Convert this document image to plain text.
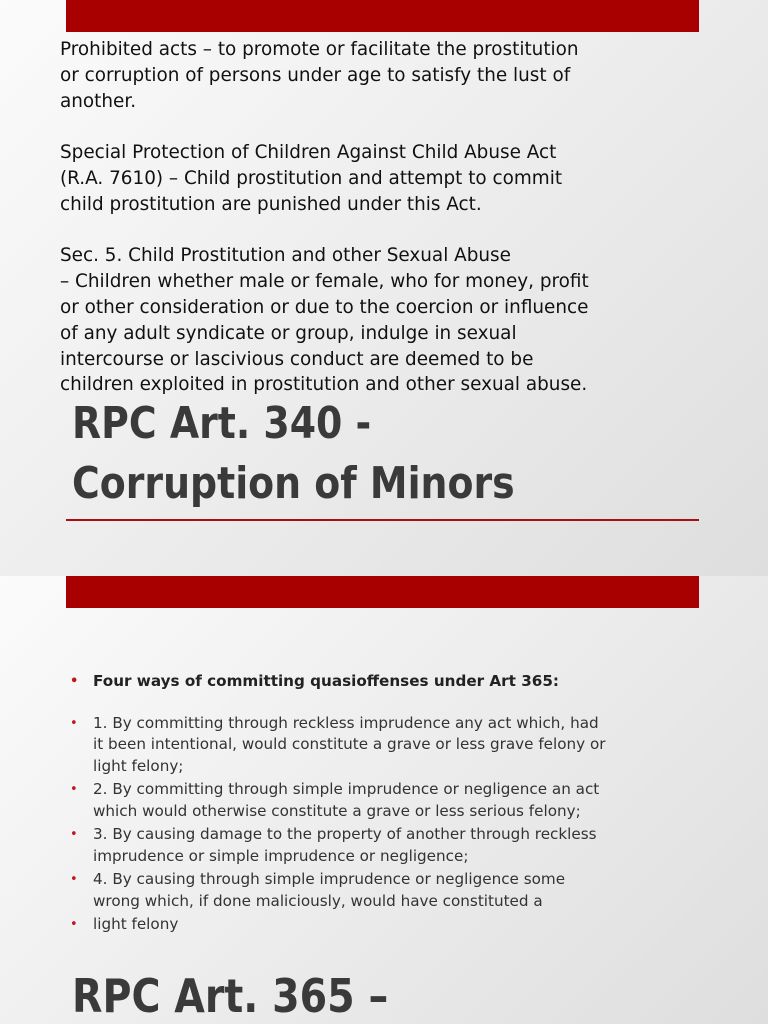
Prohibited acts – to promote or facilitate the prostitution
or corruption of persons under age to satisfy the lust of
another.

Special Protection of Children Against Child Abuse Act
(R.A. 7610) – Child prostitution and attempt to commit
child prostitution are punished under this Act.

Sec. 5. Child Prostitution and other Sexual Abuse
– Children whether male or female, who for money, profit
or other consideration or due to the coercion or influence
of any adult syndicate or group, indulge in sexual
intercourse or lascivious conduct are deemed to be
children exploited in prostitution and other sexual abuse.

RPC Art. 340 -
Corruption of Minors
• Four ways of committing quasioffenses under Art 365:
• 1. By committing through reckless imprudence any act which, had
it been intentional, would constitute a grave or less grave felony or
light felony;
• 2. By committing through simple imprudence or negligence an act
which would otherwise constitute a grave or less serious felony;
• 3. By causing damage to the property of another through reckless
imprudence or simple imprudence or negligence;
• 4. By causing through simple imprudence or negligence some
wrong which, if done maliciously, would have constituted a
• light felony
RPC Art. 365 –
